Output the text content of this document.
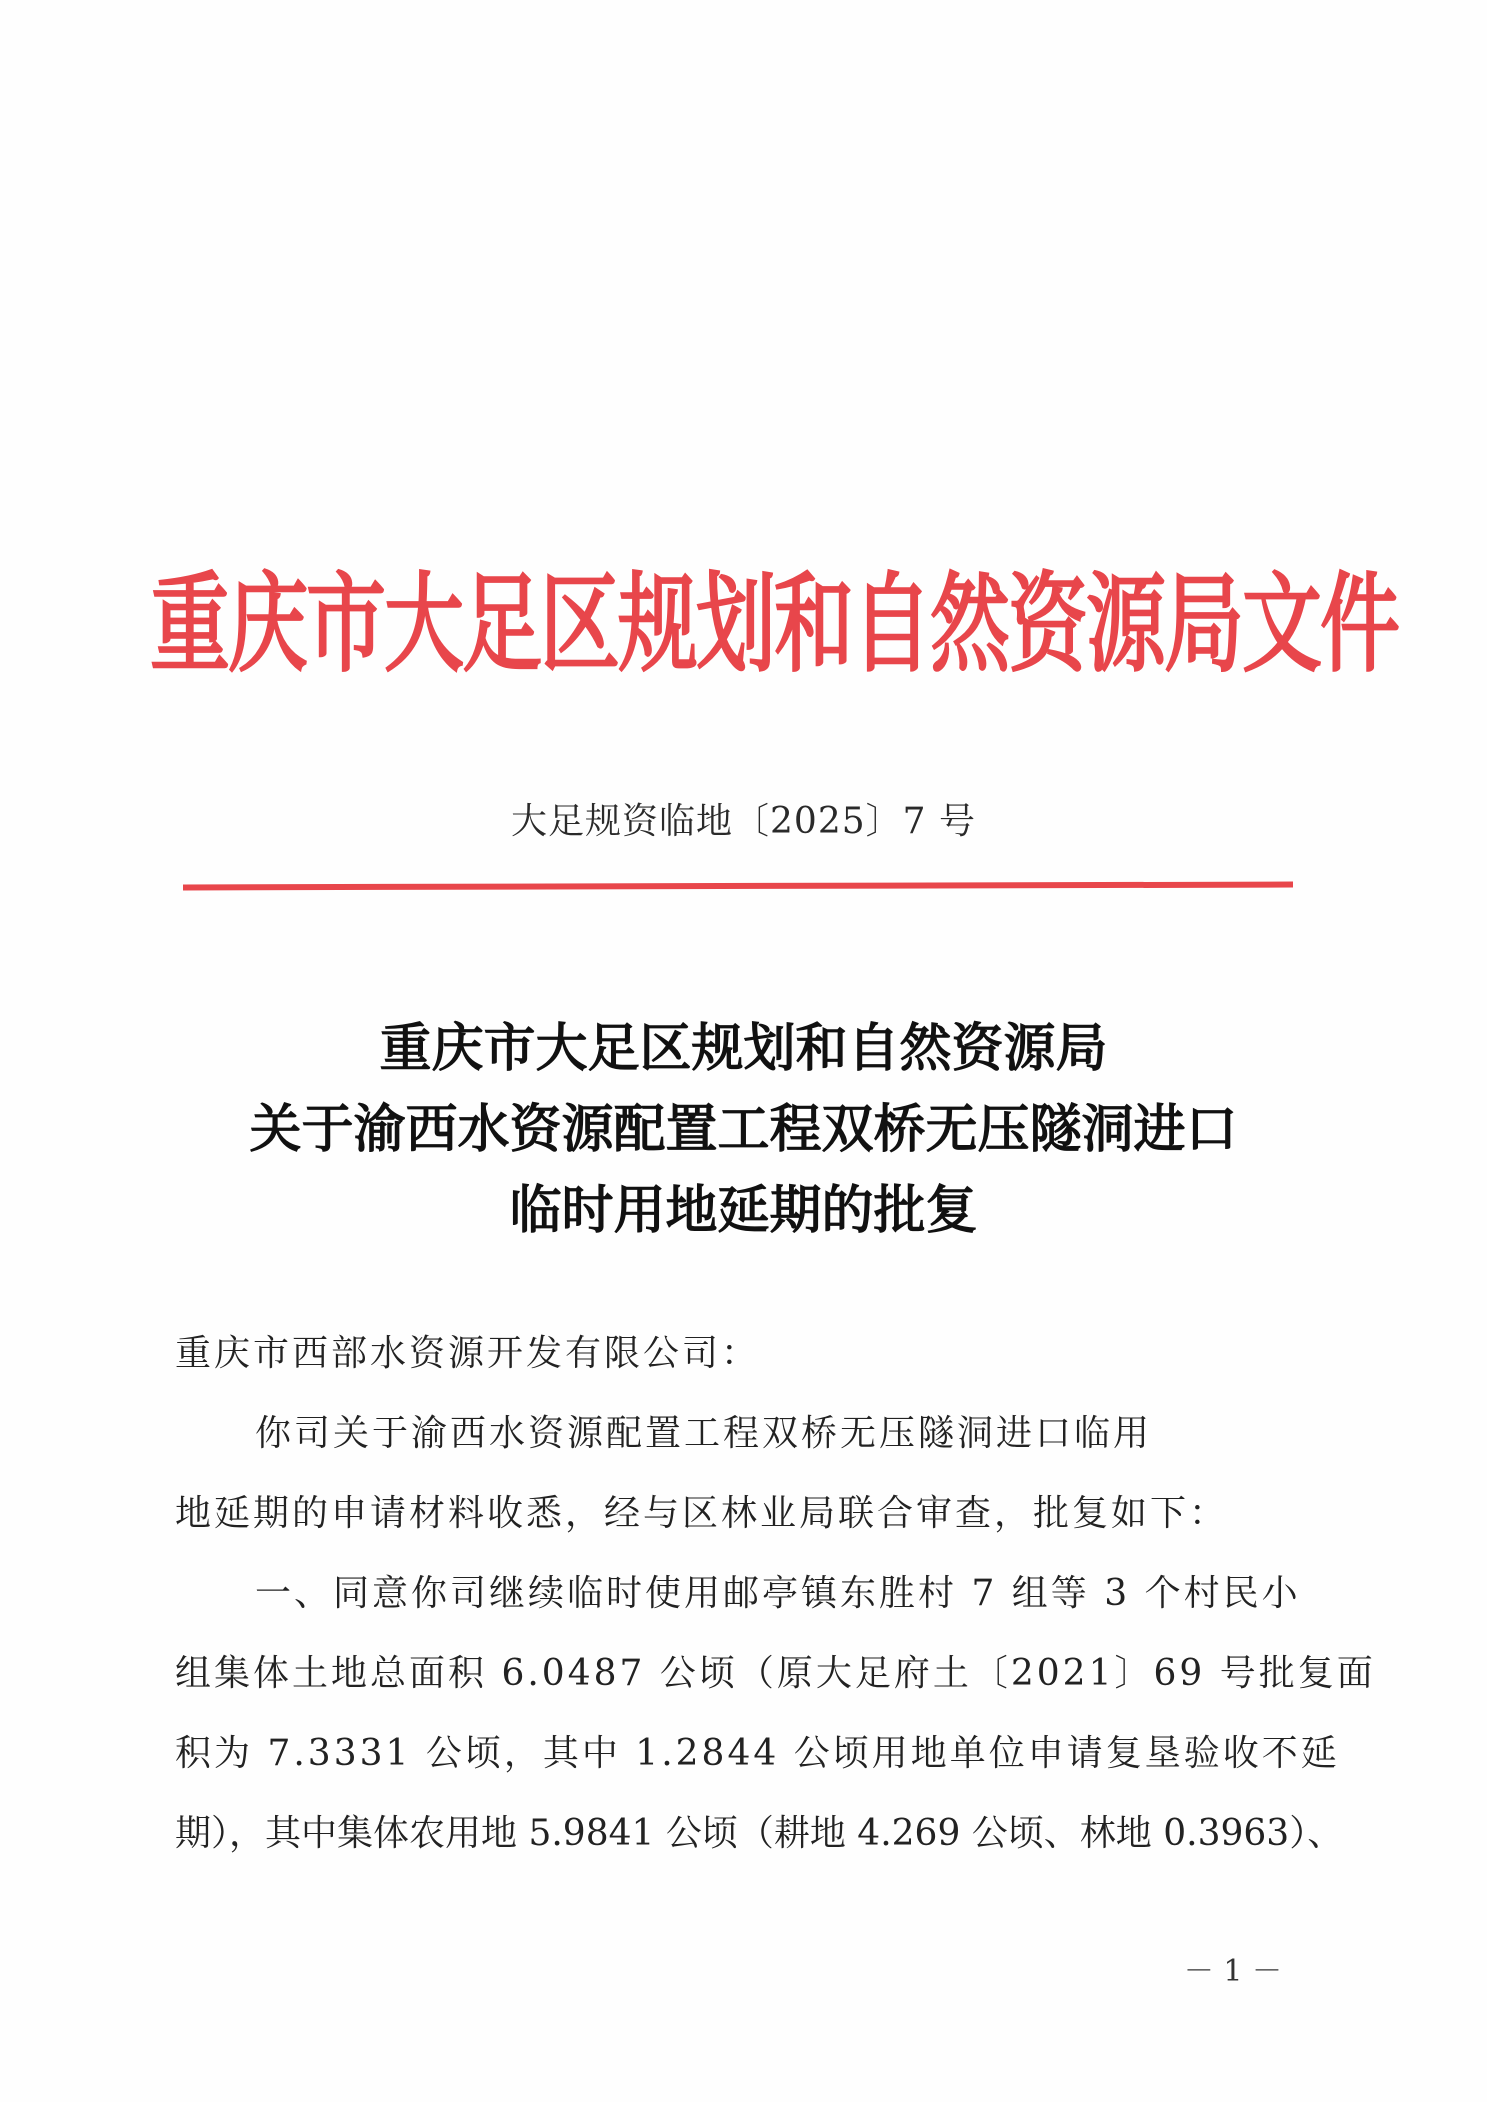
重庆市大足区规划和自然资源局文件
大足规资临地〔2025〕7 号
重庆市大足区规划和自然资源局
关于渝西水资源配置工程双桥无压隧洞进口
临时用地延期的批复
重庆市西部水资源开发有限公司：
你司关于渝西水资源配置工程双桥无压隧洞进口临用
地延期的申请材料收悉，经与区林业局联合审查，批复如下：
一、同意你司继续临时使用邮亭镇东胜村 7 组等 3 个村民小
组集体土地总面积 6.0487 公顷（原大足府土〔2021〕69 号批复面
积为 7.3331 公顷，其中 1.2844 公顷用地单位申请复垦验收不延
期），其中集体农用地 5.9841 公顷（耕地 4.269 公顷、林地 0.3963）、
－ 1 －
